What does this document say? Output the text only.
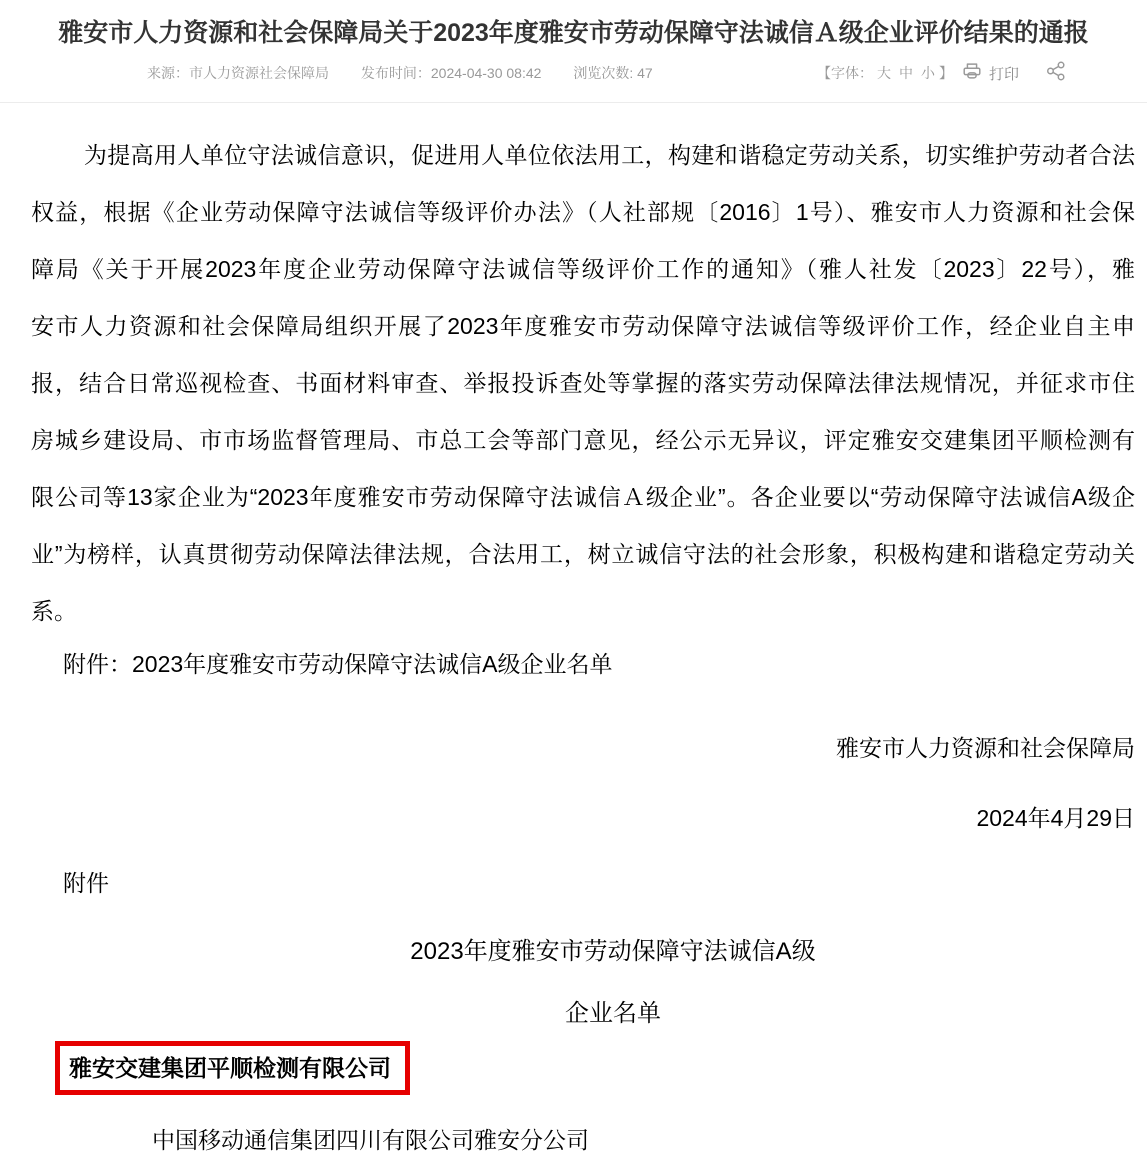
雅安市人力资源和社会保障局关于2023年度雅安市劳动保障守法诚信Ａ级企业评价结果的通报
来源：市人力资源社会保障局 发布时间：2024-04-30 08:42 浏览次数: 47	【字体： 大 中 小 】 打印
为提高用人单位守法诚信意识，促进用人单位依法用工，构建和谐稳定劳动关系，切实维护劳动者合法
权益，根据《企业劳动保障守法诚信等级评价办法》（人社部规〔2016〕1号）、雅安市人力资源和社会保
障局《关于开展2023年度企业劳动保障守法诚信等级评价工作的通知》（雅人社发〔2023〕22号），雅
安市人力资源和社会保障局组织开展了2023年度雅安市劳动保障守法诚信等级评价工作，经企业自主申
报，结合日常巡视检查、书面材料审查、举报投诉查处等掌握的落实劳动保障法律法规情况，并征求市住
房城乡建设局、市市场监督管理局、市总工会等部门意见，经公示无异议，评定雅安交建集团平顺检测有
限公司等13家企业为“2023年度雅安市劳动保障守法诚信Ａ级企业”。各企业要以“劳动保障守法诚信A级企
业”为榜样，认真贯彻劳动保障法律法规，合法用工，树立诚信守法的社会形象，积极构建和谐稳定劳动关
系。
附件：2023年度雅安市劳动保障守法诚信A级企业名单
雅安市人力资源和社会保障局
2024年4月29日
附件
2023年度雅安市劳动保障守法诚信A级
企业名单
雅安交建集团平顺检测有限公司
中国移动通信集团四川有限公司雅安分公司
